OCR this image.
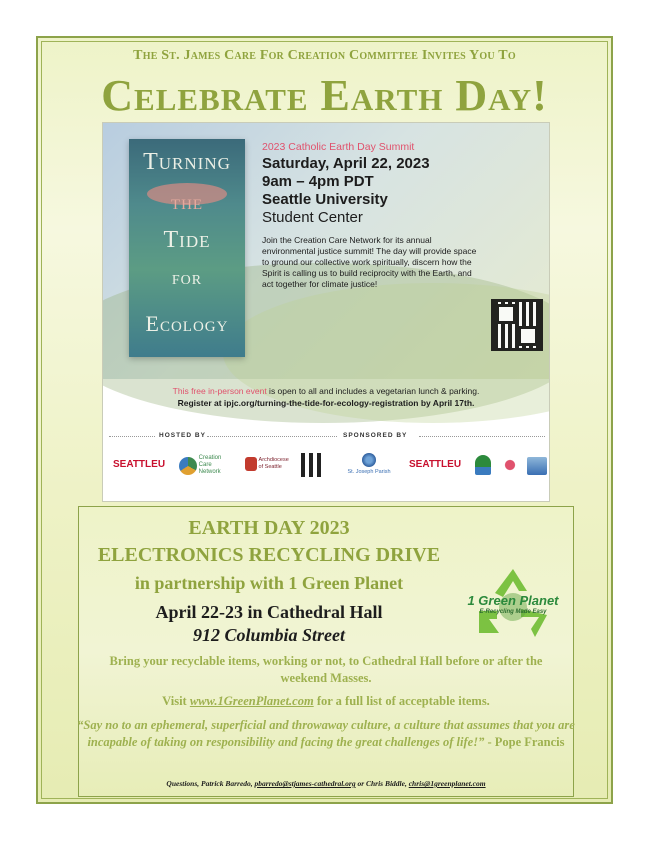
The St. James Care For Creation Committee Invites You To
Celebrate Earth Day!
Turning
the
Tide
for
Ecology
2023 Catholic Earth Day Summit
Saturday, April 22, 2023
9am – 4pm PDT
Seattle University
Student Center
Join the Creation Care Network for its annual environmental justice summit! The day will provide space to ground our collective work spiritually, discern how the Spirit is calling us to build reciprocity with the Earth, and act together for climate justice!
This free in-person event is open to all and includes a vegetarian lunch & parking.
Register at ipjc.org/turning-the-tide-for-ecology-registration by April 17th.
HOSTED BY	SPONSORED BY
SEATTLEU
Creation
Care
Network
Archdiocese
of Seattle

St. Joseph Parish
SEATTLEU
EARTH DAY 2023
ELECTRONICS RECYCLING DRIVE
in partnership with 1 Green Planet
April 22-23 in Cathedral Hall
912 Columbia Street
1 Green Planet
E-Recycling Made Easy
Bring your recyclable items, working or not, to Cathedral Hall before or after the weekend Masses.
Visit www.1GreenPlanet.com for a full list of acceptable items.
“Say no to an ephemeral, superficial and throwaway culture, a culture that assumes that you are incapable of taking on responsibility and facing the great challenges of life!” - Pope Francis
Questions, Patrick Barredo, pbarredo@stjames-cathedral.org or Chris Biddle, chris@1greenplanet.com
